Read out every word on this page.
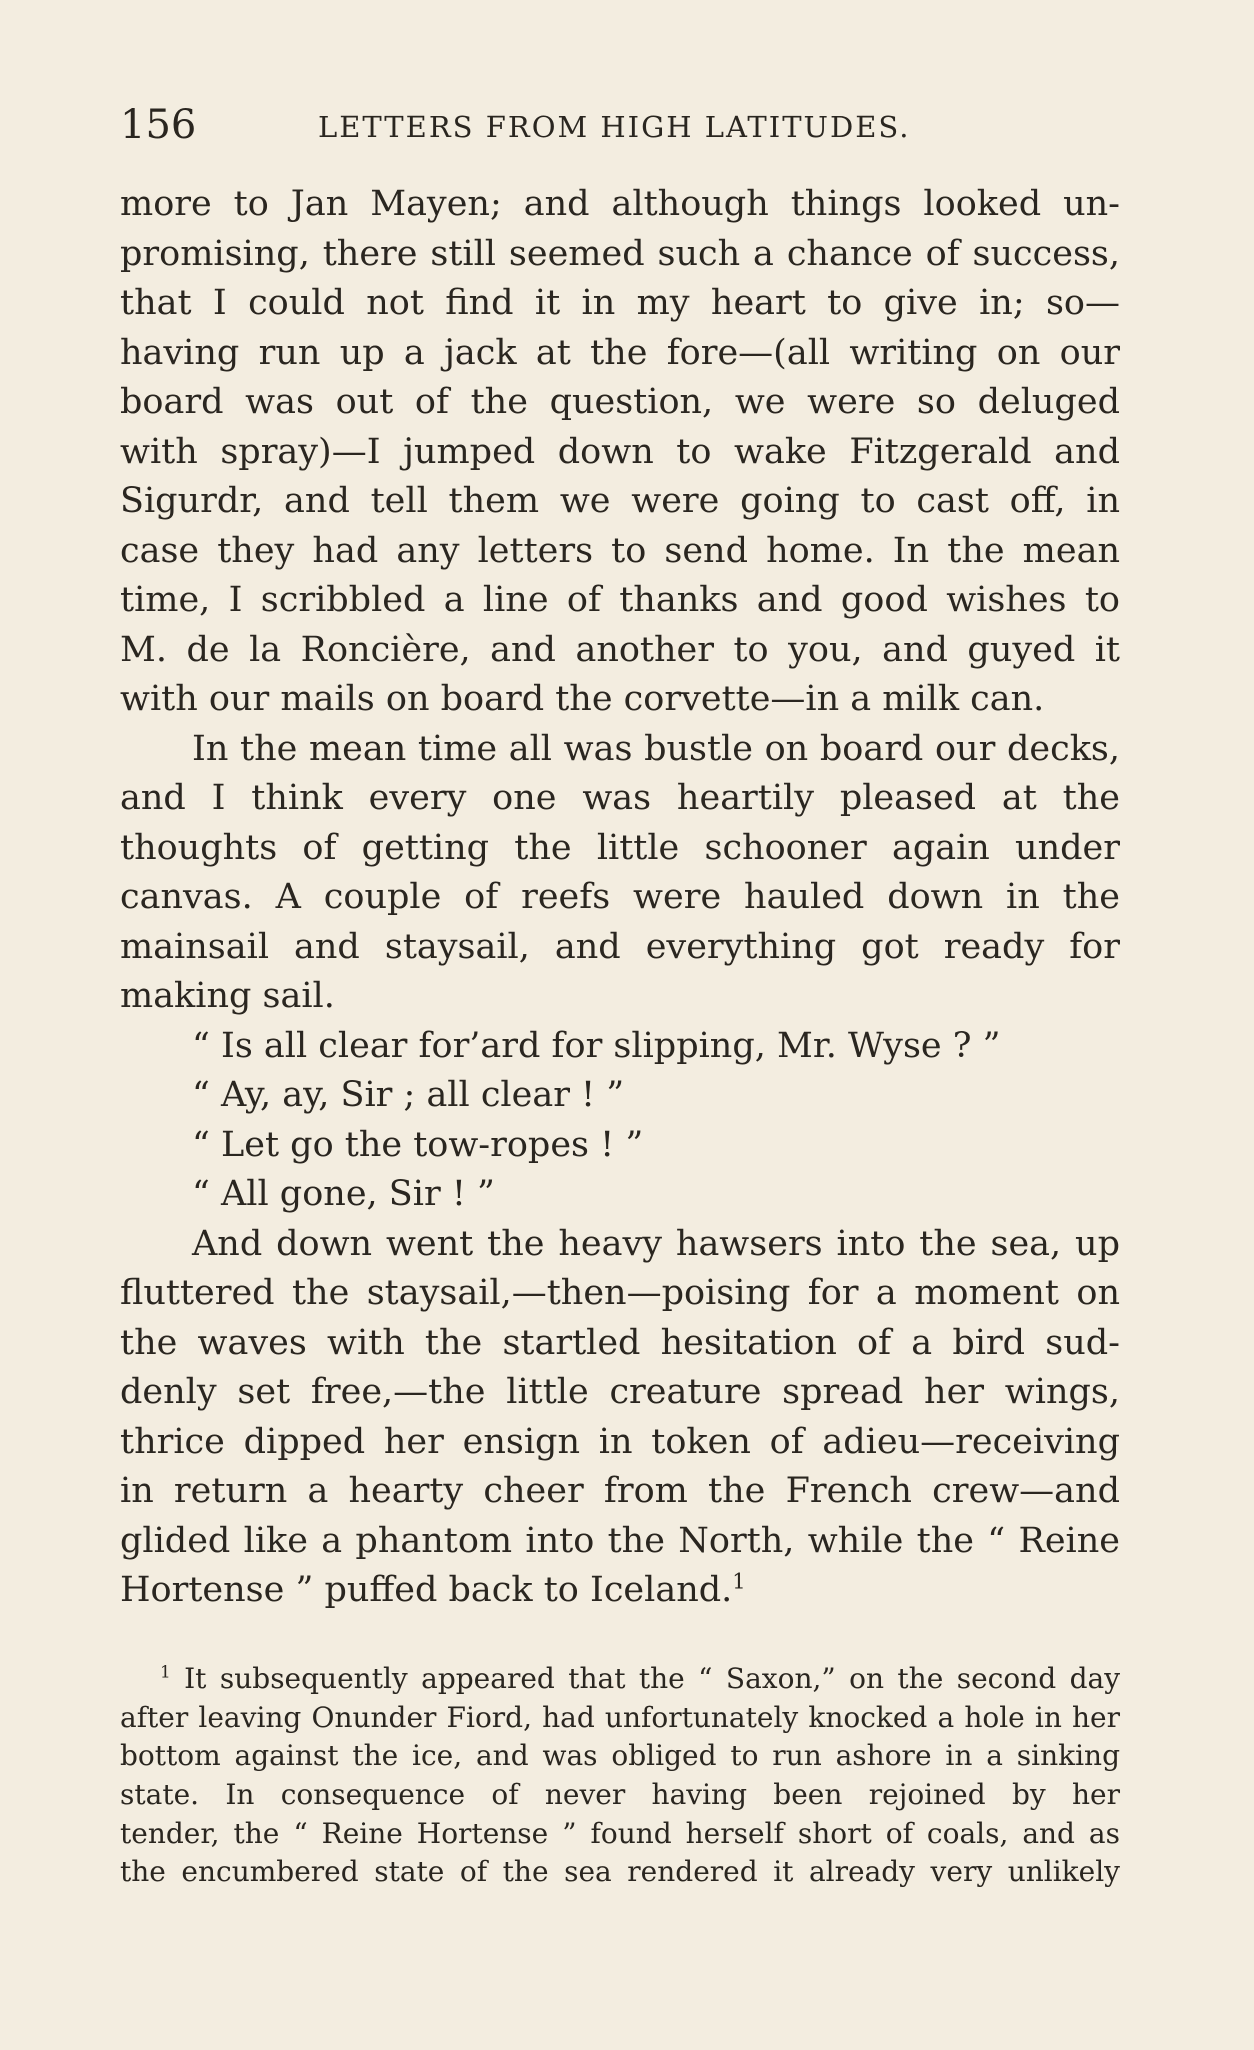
156	LETTERS FROM HIGH LATITUDES.
more to Jan Mayen; and although things looked un-
promising, there still seemed such a chance of success,
that I could not find it in my heart to give in; so—
having run up a jack at the fore—(all writing on our
board was out of the question, we were so deluged
with spray)—I jumped down to wake Fitzgerald and
Sigurdr, and tell them we were going to cast off, in
case they had any letters to send home. In the mean
time, I scribbled a line of thanks and good wishes to
M. de la Roncière, and another to you, and guyed it
with our mails on board the corvette—in a milk can.
In the mean time all was bustle on board our decks,
and I think every one was heartily pleased at the
thoughts of getting the little schooner again under
canvas. A couple of reefs were hauled down in the
mainsail and staysail, and everything got ready for
making sail.
“ Is all clear for’ard for slipping, Mr. Wyse ? ”
“ Ay, ay, Sir ; all clear ! ”
“ Let go the tow-ropes ! ”
“ All gone, Sir ! ”
And down went the heavy hawsers into the sea, up
fluttered the staysail,—then—poising for a moment on
the waves with the startled hesitation of a bird sud-
denly set free,—the little creature spread her wings,
thrice dipped her ensign in token of adieu—receiving
in return a hearty cheer from the French crew—and
glided like a phantom into the North, while the “ Reine
Hortense ” puffed back to Iceland.$^1$
$^1$ It subsequently appeared that the “ Saxon,” on the second day
after leaving Onunder Fiord, had unfortunately knocked a hole in her
bottom against the ice, and was obliged to run ashore in a sinking
state. In consequence of never having been rejoined by her
tender, the “ Reine Hortense ” found herself short of coals, and as
the encumbered state of the sea rendered it already very unlikely
